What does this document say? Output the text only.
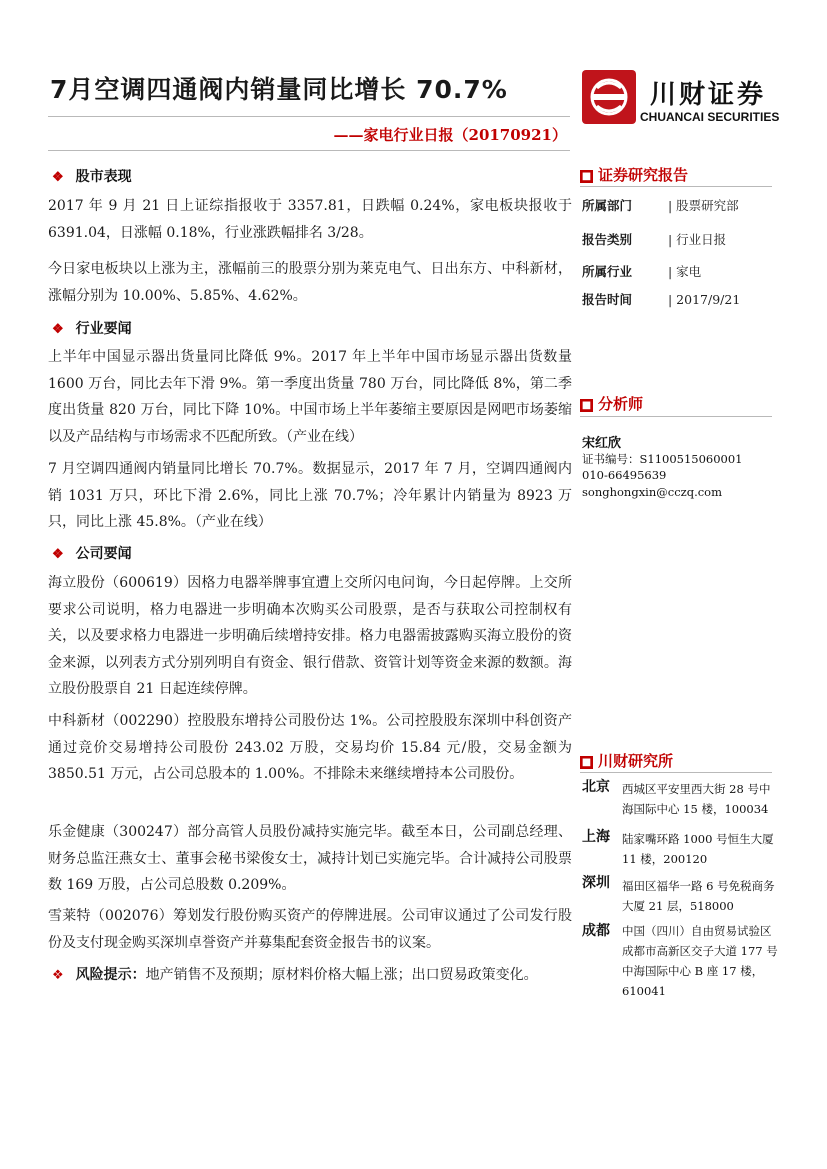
7月空调四通阀内销量同比增长 70.7%
——家电行业日报（20170921）
川财证券
CHUANCAI SECURITIES
❖ 股市表现

2017 年 9 月 21 日上证综指报收于 3357.81，日跌幅 0.24%，家电板块报收于 6391.04，日涨幅 0.18%，行业涨跌幅排名 3/28。

今日家电板块以上涨为主，涨幅前三的股票分别为莱克电气、日出东方、中科新材，涨幅分别为 10.00%、5.85%、4.62%。

❖ 行业要闻

上半年中国显示器出货量同比降低 9%。2017 年上半年中国市场显示器出货数量 1600 万台，同比去年下滑 9%。第一季度出货量 780 万台，同比降低 8%，第二季度出货量 820 万台，同比下降 10%。中国市场上半年萎缩主要原因是网吧市场萎缩以及产品结构与市场需求不匹配所致。（产业在线）

7 月空调四通阀内销量同比增长 70.7%。数据显示，2017 年 7 月，空调四通阀内销 1031 万只，环比下滑 2.6%，同比上涨 70.7%；冷年累计内销量为 8923 万只，同比上涨 45.8%。（产业在线）

❖ 公司要闻

海立股份（600619）因格力电器举牌事宜遭上交所闪电问询，今日起停牌。上交所要求公司说明，格力电器进一步明确本次购买公司股票，是否与获取公司控制权有关，以及要求格力电器进一步明确后续增持安排。格力电器需披露购买海立股份的资金来源，以列表方式分别列明自有资金、银行借款、资管计划等资金来源的数额。海立股份股票自 21 日起连续停牌。

中科新材（002290）控股股东增持公司股份达 1%。公司控股股东深圳中科创资产通过竞价交易增持公司股份 243.02 万股，交易均价 15.84 元/股，交易金额为 3850.51 万元，占公司总股本的 1.00%。不排除未来继续增持本公司股份。

乐金健康（300247）部分高管人员股份减持实施完毕。截至本日，公司副总经理、财务总监汪燕女士、董事会秘书梁俊女士，减持计划已实施完毕。合计减持公司股票数 169 万股，占公司总股数 0.209%。

雪莱特（002076）筹划发行股份购买资产的停牌进展。公司审议通过了公司发行股份及支付现金购买深圳卓誉资产并募集配套资金报告书的议案。

❖ 风险提示：地产销售不及预期；原材料价格大幅上涨；出口贸易政策变化。
■ 证券研究报告
所属部门	| 股票研究部
报告类别	| 行业日报
所属行业	| 家电
报告时间	| 2017/9/21
■ 分析师
宋红欣
证书编号：S1100515060001
010-66495639
songhongxin@cczq.com
■ 川财研究所
北京 西城区平安里西大街 28 号中海国际中心 15 楼，100034
上海 陆家嘴环路 1000 号恒生大厦 11 楼，200120
深圳 福田区福华一路 6 号免税商务大厦 21 层，518000
成都 中国（四川）自由贸易试验区成都市高新区交子大道 177 号中海国际中心 B 座 17 楼，610041
